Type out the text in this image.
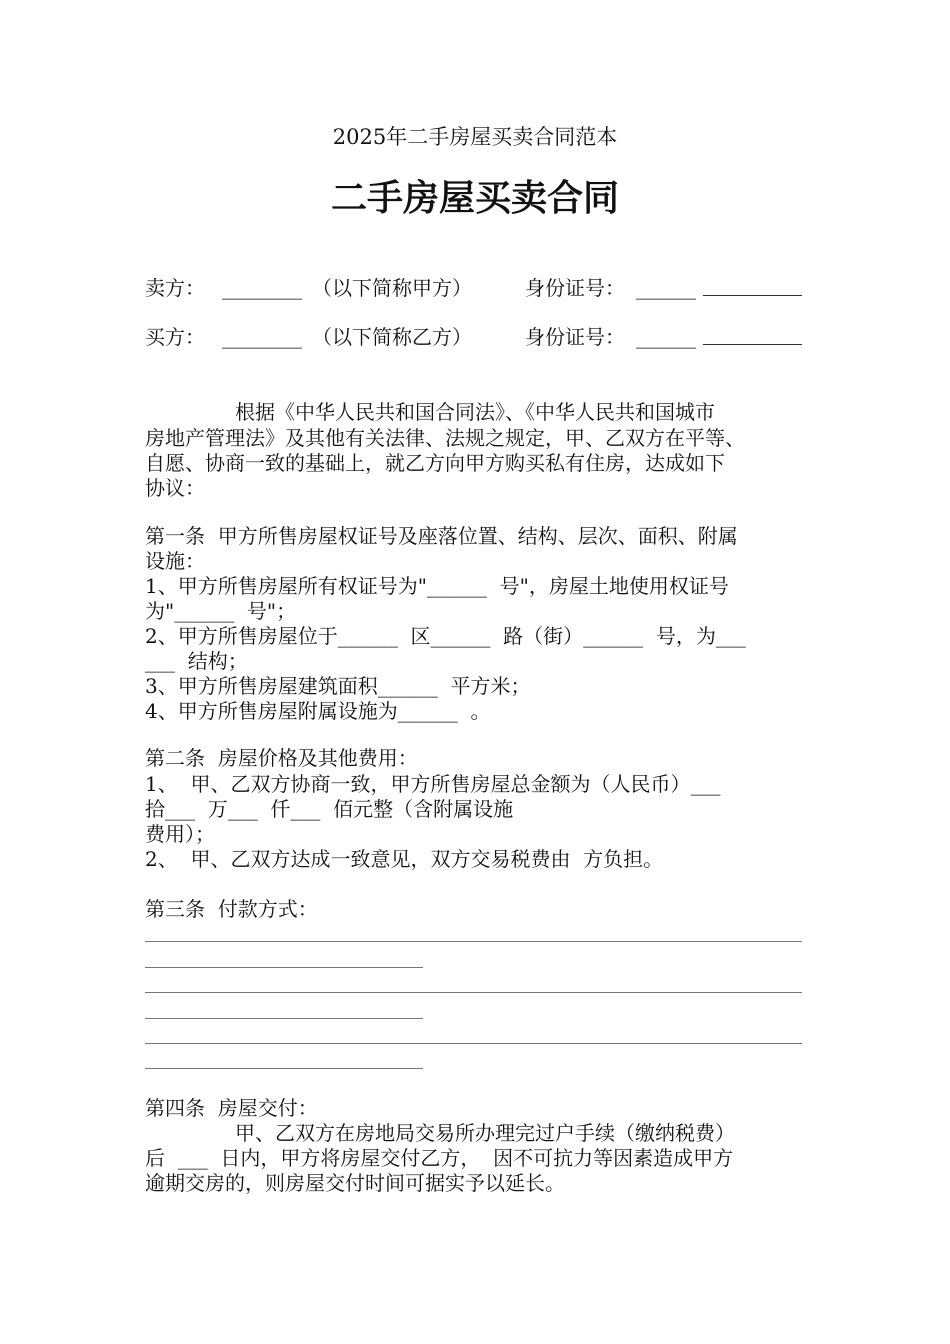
2025年二手房屋买卖合同范本
二手房屋买卖合同
卖方： ________ （以下简称甲方）	身份证号： ______
买方： ________ （以下简称乙方）	身份证号： ______
根据《中华人民共和国合同法》、《中华人民共和国城市
房地产管理法》及其他有关法律、法规之规定，甲、乙双方在平等、
自愿、协商一致的基础上，就乙方向甲方购买私有住房，达成如下
协议：
第一条  甲方所售房屋权证号及座落位置、结构、层次、面积、附属
设施：
1、甲方所售房屋所有权证号为"______  号"，房屋土地使用权证号
为"______  号"；
2、甲方所售房屋位于______  区______  路（街）______  号，为___
___  结构；
3、甲方所售房屋建筑面积______  平方米；
4、甲方所售房屋附属设施为______  。
第二条  房屋价格及其他费用：
1、  甲、乙双方协商一致，甲方所售房屋总金额为（人民币）___
拾___  万___  仟___  佰元整（含附属设施
费用）；
2、  甲、乙双方达成一致意见，双方交易税费由  方负担。
第三条  付款方式：
第四条  房屋交付：
甲、乙双方在房地局交易所办理完过户手续（缴纳税费）
后  ___  日内，甲方将房屋交付乙方，  因不可抗力等因素造成甲方
逾期交房的，则房屋交付时间可据实予以延长。
